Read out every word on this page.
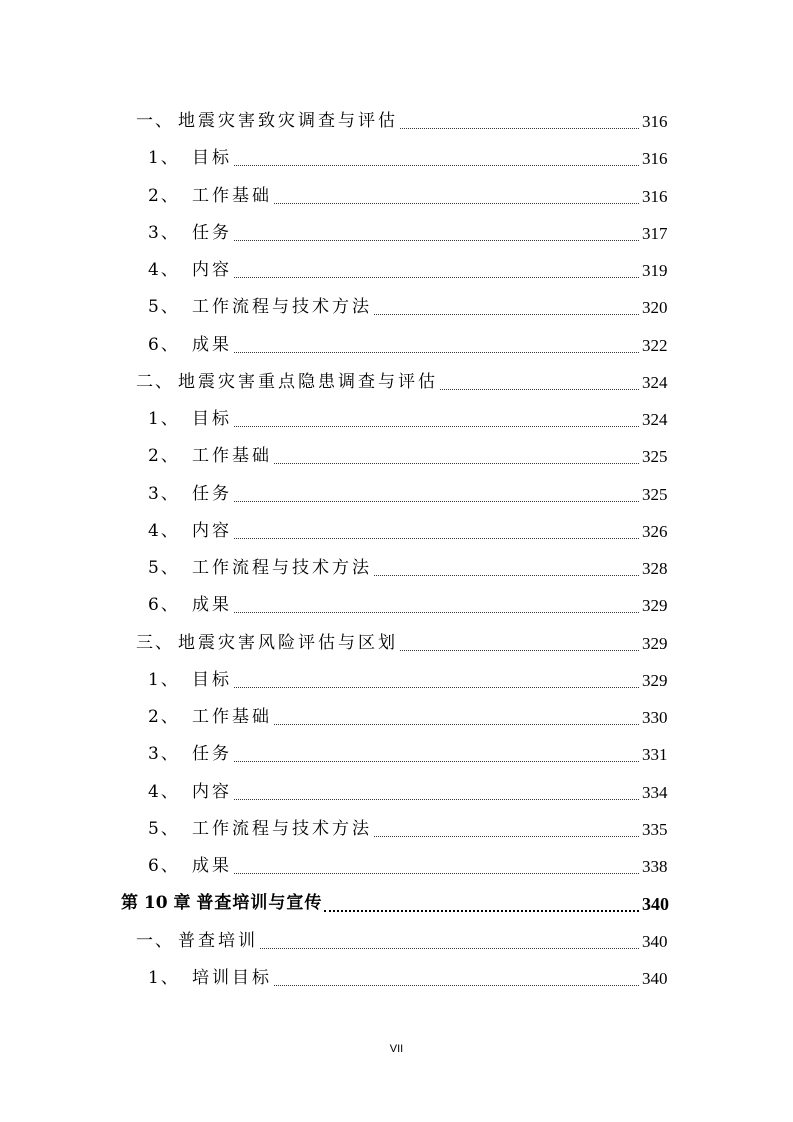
一、 地震灾害致灾调查与评估	316
1、 目标	316
2、 工作基础	316
3、 任务	317
4、 内容	319
5、 工作流程与技术方法	320
6、 成果	322
二、 地震灾害重点隐患调查与评估	324
1、 目标	324
2、 工作基础	325
3、 任务	325
4、 内容	326
5、 工作流程与技术方法	328
6、 成果	329
三、 地震灾害风险评估与区划	329
1、 目标	329
2、 工作基础	330
3、 任务	331
4、 内容	334
5、 工作流程与技术方法	335
6、 成果	338
第 10 章 普查培训与宣传	340
一、 普查培训	340
1、 培训目标	340
VII
